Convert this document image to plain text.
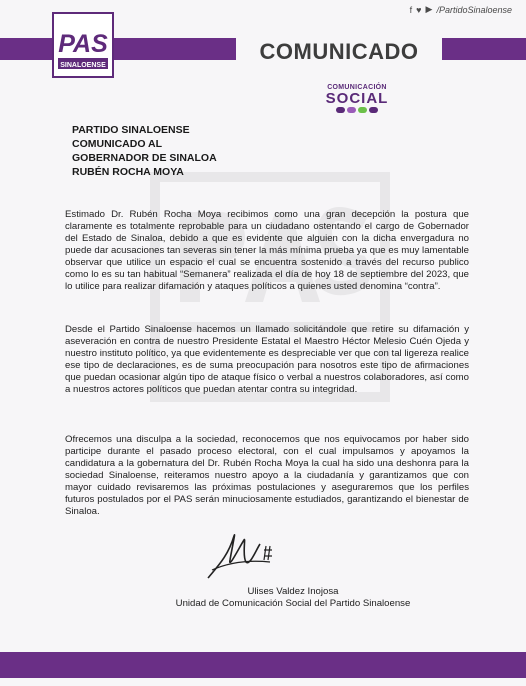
PAS
SINALOENSE
f ♥ ▶ /PartidoSinaloense
COMUNICADO
COMUNICACIÓN
SOCIAL
PARTIDO SINALOENSE
COMUNICADO AL
GOBERNADOR DE SINALOA
RUBÉN ROCHA MOYA
Estimado Dr. Rubén Rocha Moya recibimos como una gran decepción la postura que claramente es totalmente reprobable para un ciudadano ostentando el cargo de Gobernador del Estado de Sinaloa, debido a que es evidente que alguien con la dicha envergadura no puede dar acusaciones tan severas sin tener la más mínima prueba ya que es muy lamentable observar que utilice un espacio el cual se encuentra sostenido a través del recurso publico como lo es su tan habitual “Semanera” realizada el día de hoy 18 de septiembre del 2023, que lo utilice para realizar difamación y ataques políticos a quienes usted denomina “contra”.
Desde el Partido Sinaloense hacemos un llamado solicitándole que retire su difamación y aseveración en contra de nuestro Presidente Estatal el Maestro Héctor Melesio Cuén Ojeda y nuestro instituto político, ya que evidentemente es despreciable ver que con tal ligereza realice ese tipo de declaraciones, es de suma preocupación para nosotros este tipo de afirmaciones que puedan ocasionar algún tipo de ataque físico o verbal a nuestros colaboradores, así como a nuestros actores políticos que puedan atentar contra su integridad.
Ofrecemos una disculpa a la sociedad, reconocemos que nos equivocamos por haber sido participe durante el pasado proceso electoral, con el cual impulsamos y apoyamos la candidatura a la gobernatura del Dr. Rubén Rocha Moya la cual ha sido una deshonra para la sociedad Sinaloense, reiteramos nuestro apoyo a la ciudadanía y garantizamos que con mayor cuidado revisaremos las próximas postulaciones y aseguraremos que los perfiles futuros postulados por el PAS serán minuciosamente estudiados, garantizando el bienestar de Sinaloa.
Ulises Valdez Inojosa
Unidad de Comunicación Social del Partido Sinaloense
